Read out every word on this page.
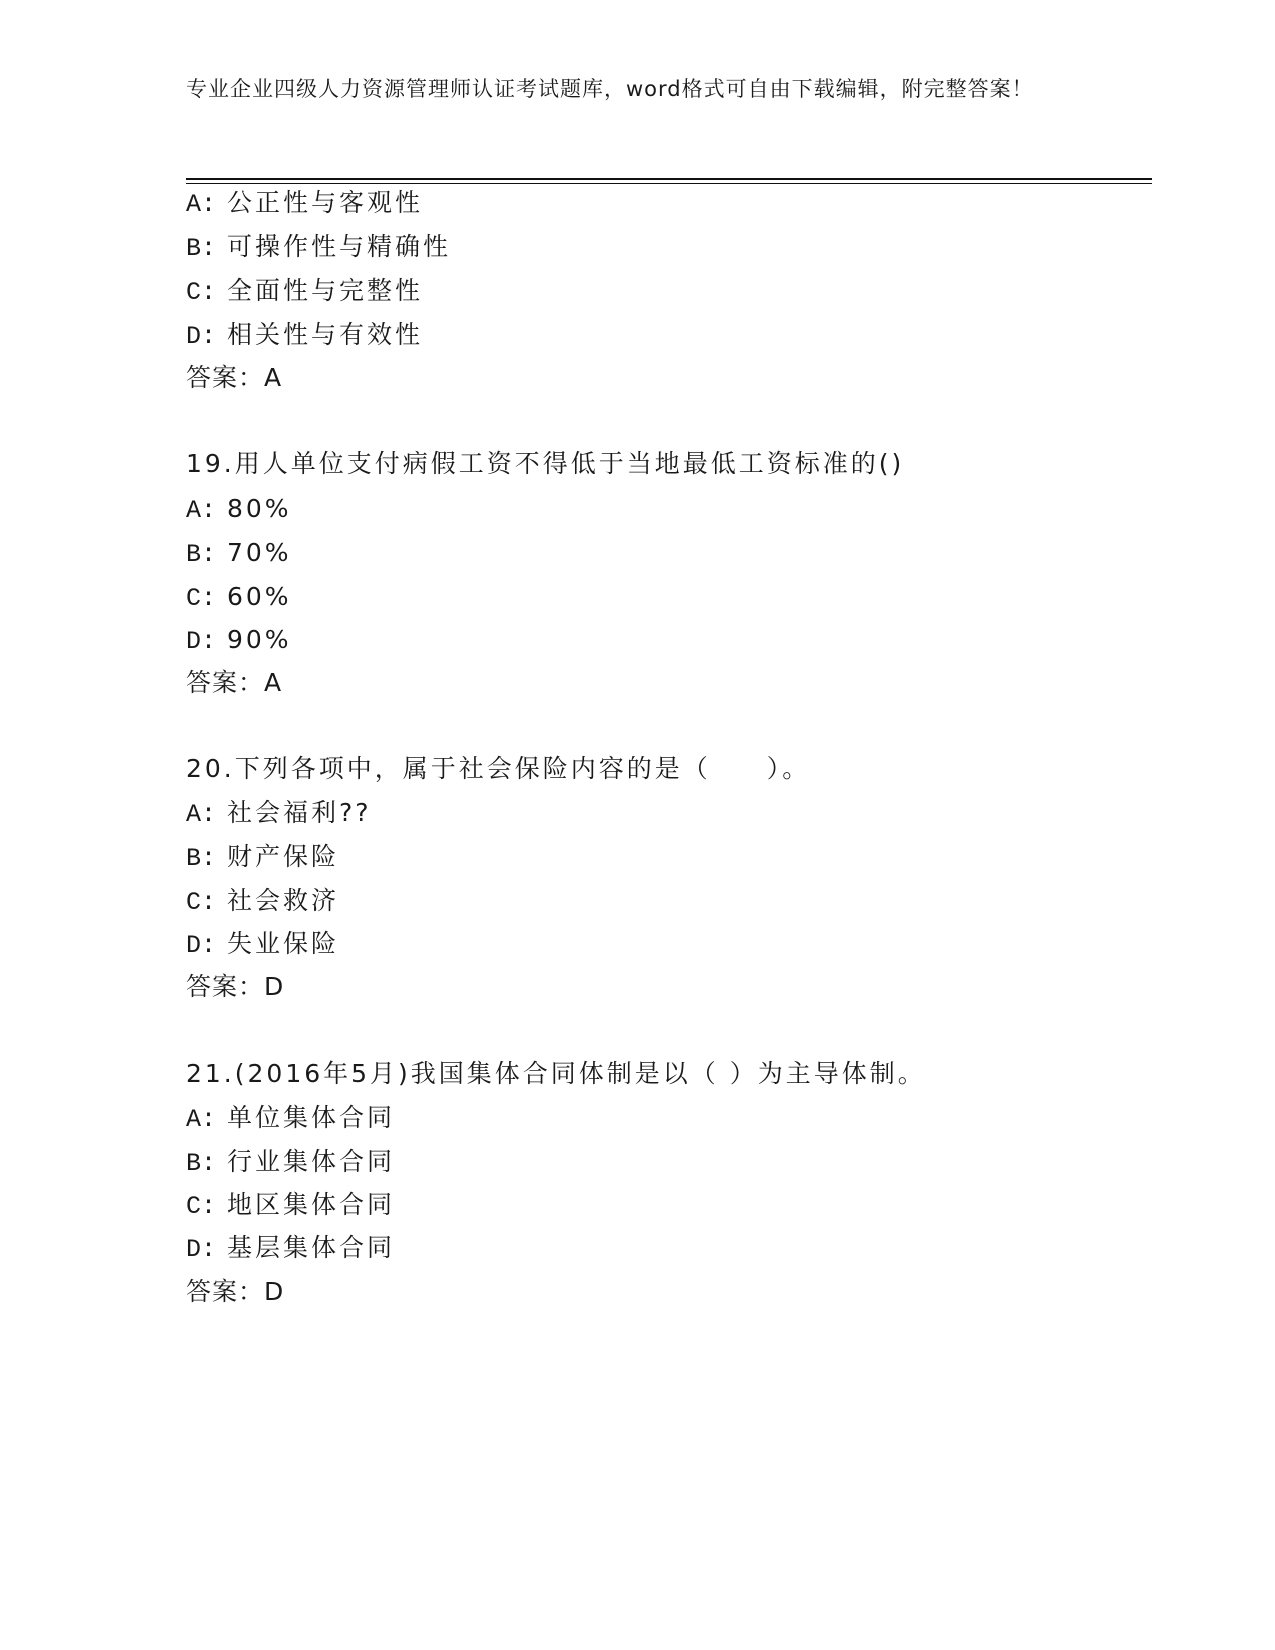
专业企业四级人力资源管理师认证考试题库，word格式可自由下载编辑，附完整答案！
A: 公正性与客观性
B: 可操作性与精确性
C: 全面性与完整性
D: 相关性与有效性
答案：A
19.用人单位支付病假工资不得低于当地最低工资标准的()
A: 80%
B: 70%
C: 60%
D: 90%
答案：A
20.下列各项中，属于社会保险内容的是（　　）。
A: 社会福利??
B: 财产保险
C: 社会救济
D: 失业保险
答案：D
21.(2016年5月)我国集体合同体制是以（ ）为主导体制。
A: 单位集体合同
B: 行业集体合同
C: 地区集体合同
D: 基层集体合同
答案：D
